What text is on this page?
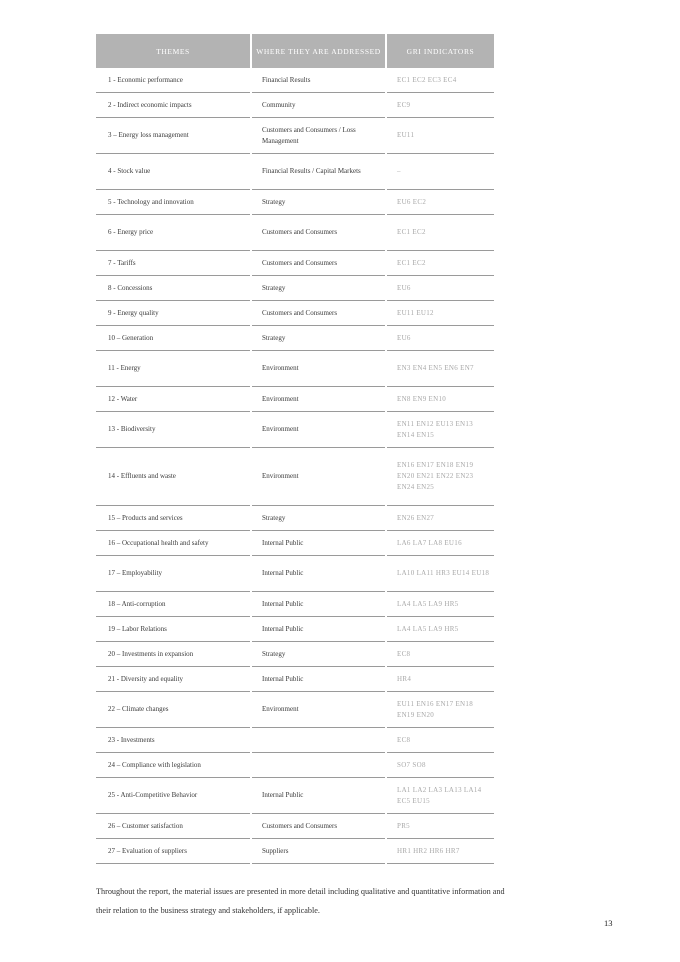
THEMES	WHERE THEY ARE ADDRESSED	GRI INDICATORS
1 - Economic performance	Financial Results	EC1 EC2 EC3 EC4
2 - Indirect economic impacts	Community	EC9
3 – Energy loss management	Customers and Consumers / Loss Management	EU11
4 - Stock value	Financial Results / Capital Markets	–
5 - Technology and innovation	Strategy	EU6 EC2
6 - Energy price	Customers and Consumers	EC1 EC2
7 - Tariffs	Customers and Consumers	EC1 EC2
8 - Concessions	Strategy	EU6
9 - Energy quality	Customers and Consumers	EU11 EU12
10 – Generation	Strategy	EU6
11 - Energy	Environment	EN3 EN4 EN5 EN6 EN7
12 - Water	Environment	EN8 EN9 EN10
13 - Biodiversity	Environment	EN11 EN12 EU13 EN13 EN14 EN15
14 - Effluents and waste	Environment	EN16 EN17 EN18 EN19 EN20 EN21 EN22 EN23 EN24 EN25
15 – Products and services	Strategy	EN26 EN27
16 – Occupational health and safety	Internal Public	LA6 LA7 LA8 EU16
17 – Employability	Internal Public	LA10 LA11 HR3 EU14 EU18
18 – Anti-corruption	Internal Public	LA4 LA5 LA9 HR5
19 – Labor Relations	Internal Public	LA4 LA5 LA9 HR5
20 – Investments in expansion	Strategy	EC8
21 - Diversity and equality	Internal Public	HR4
22 – Climate changes	Environment	EU11 EN16 EN17 EN18 EN19 EN20
23 - Investments		EC8
24 – Compliance with legislation		SO7 SO8
25 - Anti-Competitive Behavior	Internal Public	LA1 LA2 LA3 LA13 LA14 EC5 EU15
26 – Customer satisfaction	Customers and Consumers	PR5
27 – Evaluation of suppliers	Suppliers	HR1 HR2 HR6 HR7

Throughout the report, the material issues are presented in more detail including qualitative and quantitative information and their relation to the business strategy and stakeholders, if applicable.

13
